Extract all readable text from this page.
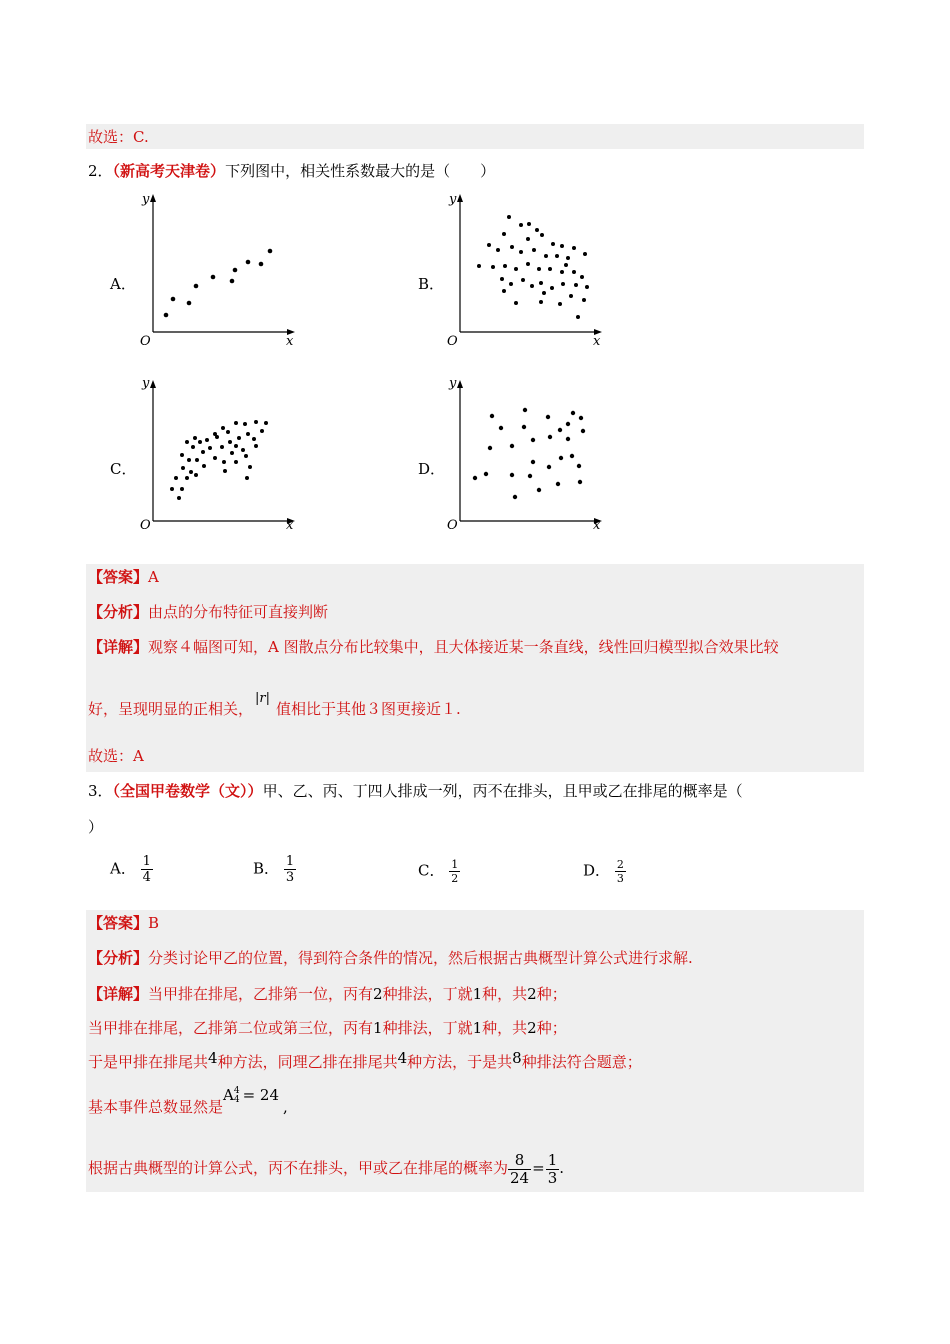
故选：C.
2．（新高考天津卷）下列图中，相关性系数最大的是（　　）
A．
y
x
O
B．
y
x
O
C．
y
x
O
D．
y
x
O
【答案】A
【分析】由点的分布特征可直接判断
【详解】观察４幅图可知，A 图散点分布比较集中，且大体接近某一条直线，线性回归模型拟合效果比较
好，呈现明显的正相关，|r|值相比于其他３图更接近１.
故选：A
3．（全国甲卷数学（文））甲、乙、丙、丁四人排成一列，丙不在排头，且甲或乙在排尾的概率是（
）
A． $\frac{1}{4}$	B． $\frac{1}{3}$	C． $\frac{1}{2}$	D． $\frac{2}{3}$
【答案】B
【分析】分类讨论甲乙的位置，得到符合条件的情况，然后根据古典概型计算公式进行求解.
【详解】当甲排在排尾，乙排第一位，丙有2种排法，丁就1种，共2种；
当甲排在排尾，乙排第二位或第三位，丙有1种排法，丁就1种，共2种；
于是甲排在排尾共4种方法，同理乙排在排尾共4种方法，于是共8种排法符合题意；
基本事件总数显然是A 4
4 = 24,
根据古典概型的计算公式，丙不在排头，甲或乙在排尾的概率为 $\frac{8}{24} = \frac{1}{3}$ .
